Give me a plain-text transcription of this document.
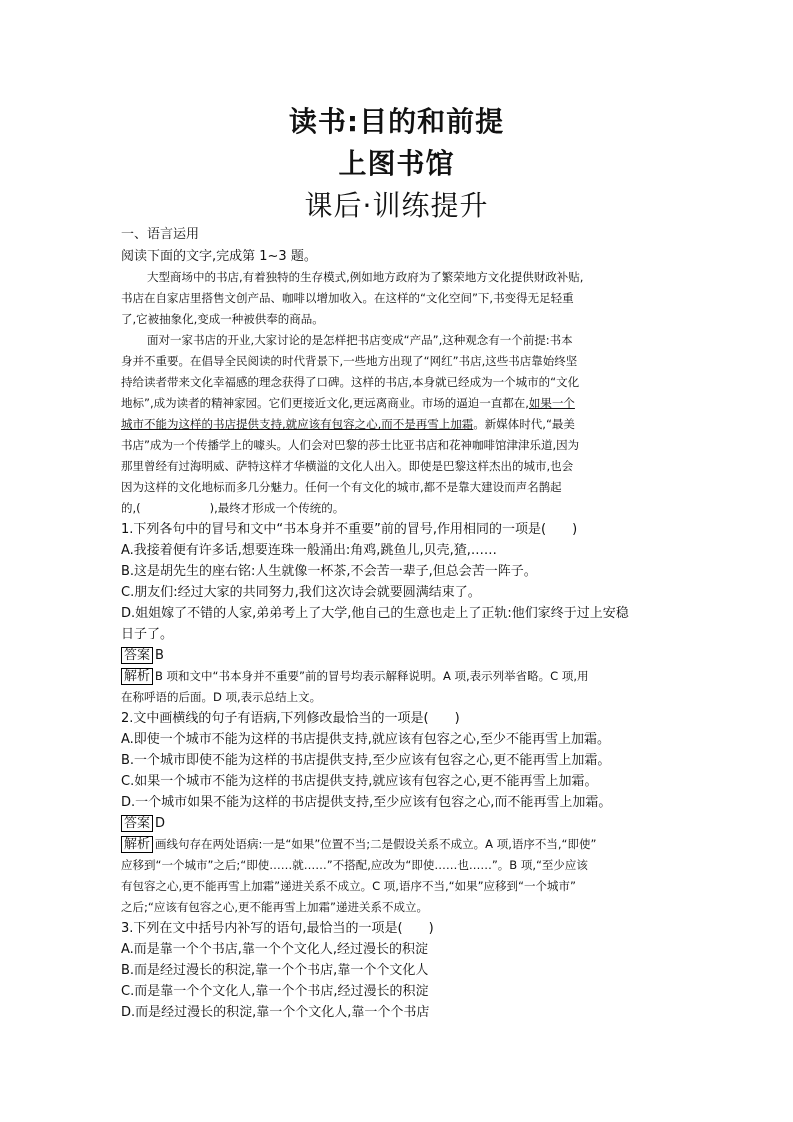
读书:目的和前提
上图书馆
课后·训练提升
一、语言运用
阅读下面的文字,完成第 1~3 题。
大型商场中的书店,有着独特的生存模式,例如地方政府为了繁荣地方文化提供财政补贴,
书店在自家店里搭售文创产品、咖啡以增加收入。在这样的“文化空间”下,书变得无足轻重
了,它被抽象化,变成一种被供奉的商品。
面对一家书店的开业,大家讨论的是怎样把书店变成“产品”,这种观念有一个前提:书本
身并不重要。在倡导全民阅读的时代背景下,一些地方出现了“网红”书店,这些书店靠始终坚
持给读者带来文化幸福感的理念获得了口碑。这样的书店,本身就已经成为一个城市的“文化
地标”,成为读者的精神家园。它们更接近文化,更远离商业。市场的逼迫一直都在,如果一个
城市不能为这样的书店提供支持,就应该有包容之心,而不是再雪上加霜。新媒体时代,“最美
书店”成为一个传播学上的噱头。人们会对巴黎的莎士比亚书店和花神咖啡馆津津乐道,因为
那里曾经有过海明威、萨特这样才华横溢的文化人出入。即使是巴黎这样杰出的城市,也会
因为这样的文化地标而多几分魅力。任何一个有文化的城市,都不是靠大建设而声名鹊起
的,(　　　　　　),最终才形成一个传统的。
1.下列各句中的冒号和文中“书本身并不重要”前的冒号,作用相同的一项是(　　)
A.我接着便有许多话,想要连珠一般涌出:角鸡,跳鱼儿,贝壳,猹,……
B.这是胡先生的座右铭:人生就像一杯茶,不会苦一辈子,但总会苦一阵子。
C.朋友们:经过大家的共同努力,我们这次诗会就要圆满结束了。
D.姐姐嫁了不错的人家,弟弟考上了大学,他自己的生意也走上了正轨:他们家终于过上安稳
日子了。
答案 B
解析 B 项和文中“书本身并不重要”前的冒号均表示解释说明。A 项,表示列举省略。C 项,用
在称呼语的后面。D 项,表示总结上文。
2.文中画横线的句子有语病,下列修改最恰当的一项是(　　)
A.即使一个城市不能为这样的书店提供支持,就应该有包容之心,至少不能再雪上加霜。
B.一个城市即使不能为这样的书店提供支持,至少应该有包容之心,更不能再雪上加霜。
C.如果一个城市不能为这样的书店提供支持,就应该有包容之心,更不能再雪上加霜。
D.一个城市如果不能为这样的书店提供支持,至少应该有包容之心,而不能再雪上加霜。
答案 D
解析 画线句存在两处语病:一是“如果”位置不当;二是假设关系不成立。A 项,语序不当,“即使”
应移到“一个城市”之后;“即使……就……”不搭配,应改为“即使……也……”。B 项,“至少应该
有包容之心,更不能再雪上加霜”递进关系不成立。C 项,语序不当,“如果”应移到“一个城市”
之后;“应该有包容之心,更不能再雪上加霜”递进关系不成立。
3.下列在文中括号内补写的语句,最恰当的一项是(　　)
A.而是靠一个个书店,靠一个个文化人,经过漫长的积淀
B.而是经过漫长的积淀,靠一个个书店,靠一个个文化人
C.而是靠一个个文化人,靠一个个书店,经过漫长的积淀
D.而是经过漫长的积淀,靠一个个文化人,靠一个个书店
